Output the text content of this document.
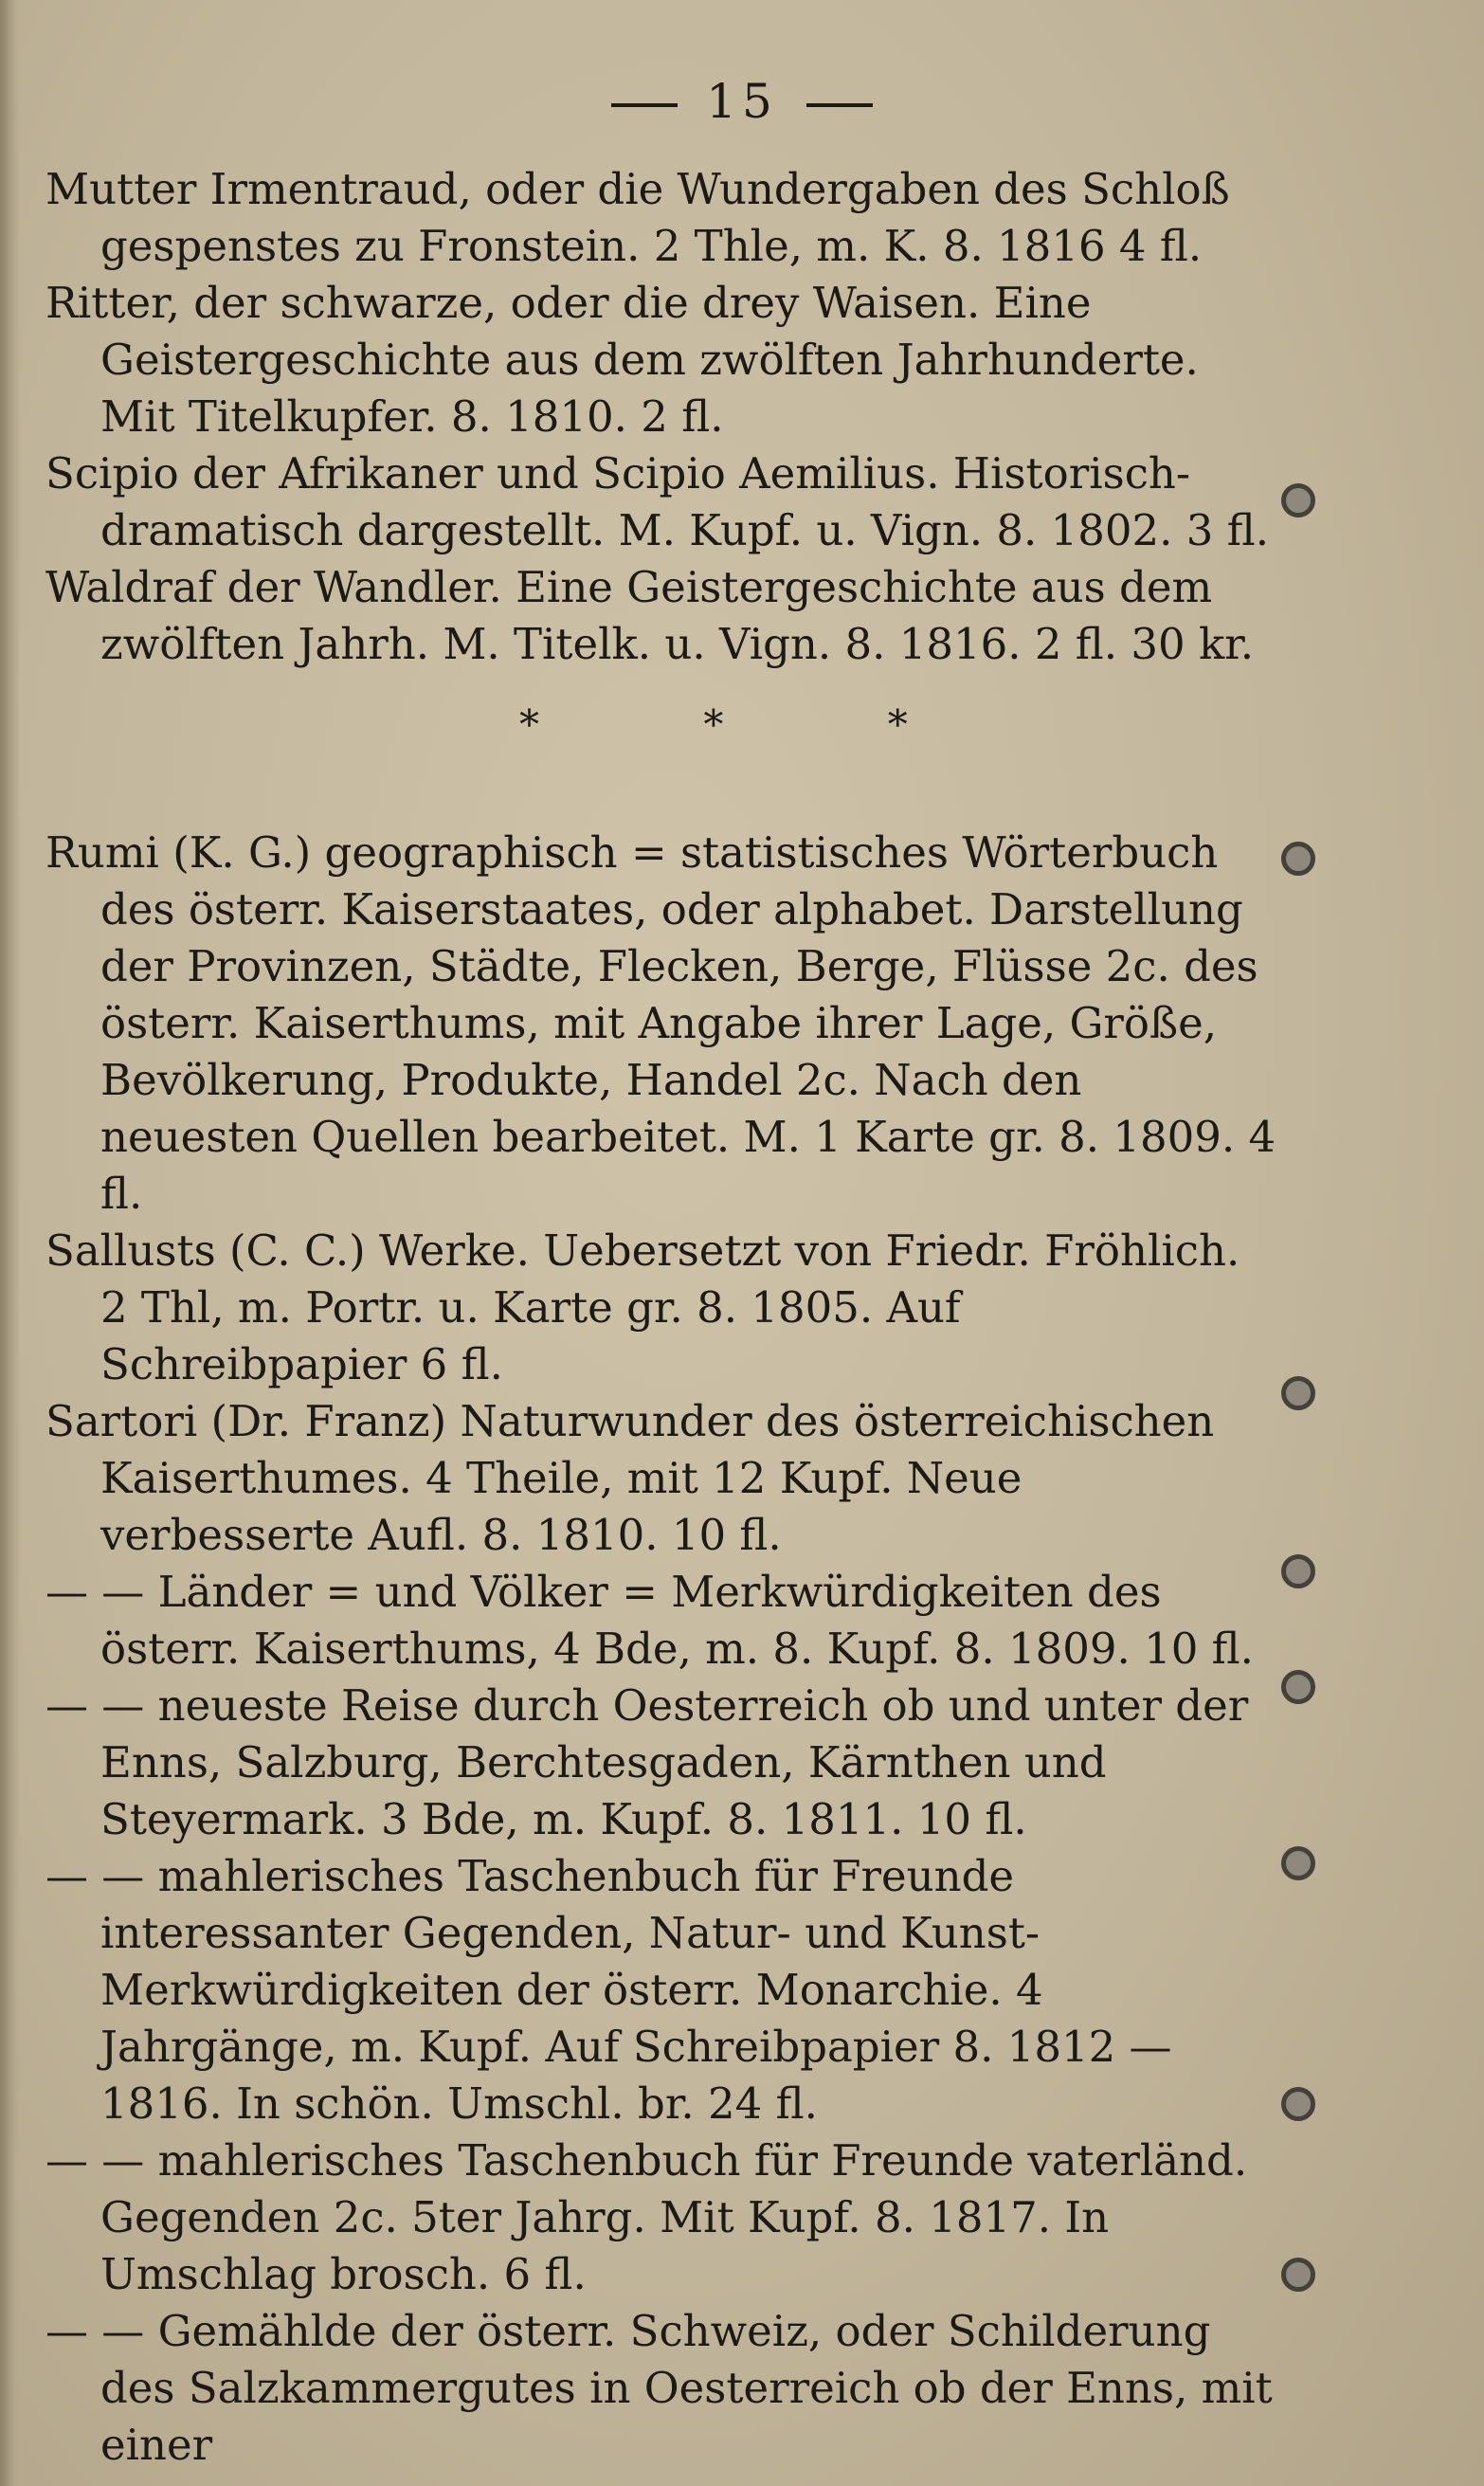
15

Mutter Irmentraud, oder die Wundergaben des Schloß gespenstes zu Fronstein. 2 Thle, m. K. 8. 1816 4 fl.

Ritter, der schwarze, oder die drey Waisen. Eine Geistergeschichte aus dem zwölften Jahrhunderte. Mit Titelkupfer. 8. 1810. 2 fl.

Scipio der Afrikaner und Scipio Aemilius. Historisch-dramatisch dargestellt. M. Kupf. u. Vign. 8. 1802. 3 fl.

Waldraf der Wandler. Eine Geistergeschichte aus dem zwölften Jahrh. M. Titelk. u. Vign. 8. 1816. 2 fl. 30 kr.

* * *

Rumi (K. G.) geographisch = statistisches Wörterbuch des österr. Kaiserstaates, oder alphabet. Darstellung der Provinzen, Städte, Flecken, Berge, Flüsse 2c. des österr. Kaiserthums, mit Angabe ihrer Lage, Größe, Bevölkerung, Produkte, Handel 2c. Nach den neuesten Quellen bearbeitet. M. 1 Karte gr. 8. 1809. 4 fl.

Sallusts (C. C.) Werke. Uebersetzt von Friedr. Fröhlich. 2 Thl, m. Portr. u. Karte gr. 8. 1805. Auf Schreibpapier 6 fl.

Sartori (Dr. Franz) Naturwunder des österreichischen Kaiserthumes. 4 Theile, mit 12 Kupf. Neue verbesserte Aufl. 8. 1810. 10 fl.

— — Länder = und Völker = Merkwürdigkeiten des österr. Kaiserthums, 4 Bde, m. 8. Kupf. 8. 1809. 10 fl.

— — neueste Reise durch Oesterreich ob und unter der Enns, Salzburg, Berchtesgaden, Kärnthen und Steyermark. 3 Bde, m. Kupf. 8. 1811. 10 fl.

— — mahlerisches Taschenbuch für Freunde interessanter Gegenden, Natur- und Kunst-Merkwürdigkeiten der österr. Monarchie. 4 Jahrgänge, m. Kupf. Auf Schreibpapier 8. 1812 — 1816. In schön. Umschl. br. 24 fl.

— — mahlerisches Taschenbuch für Freunde vaterländ. Gegenden 2c. 5ter Jahrg. Mit Kupf. 8. 1817. In Umschlag brosch. 6 fl.

— — Gemählde der österr. Schweiz, oder Schilderung des Salzkammergutes in Oesterreich ob der Enns, mit einer
